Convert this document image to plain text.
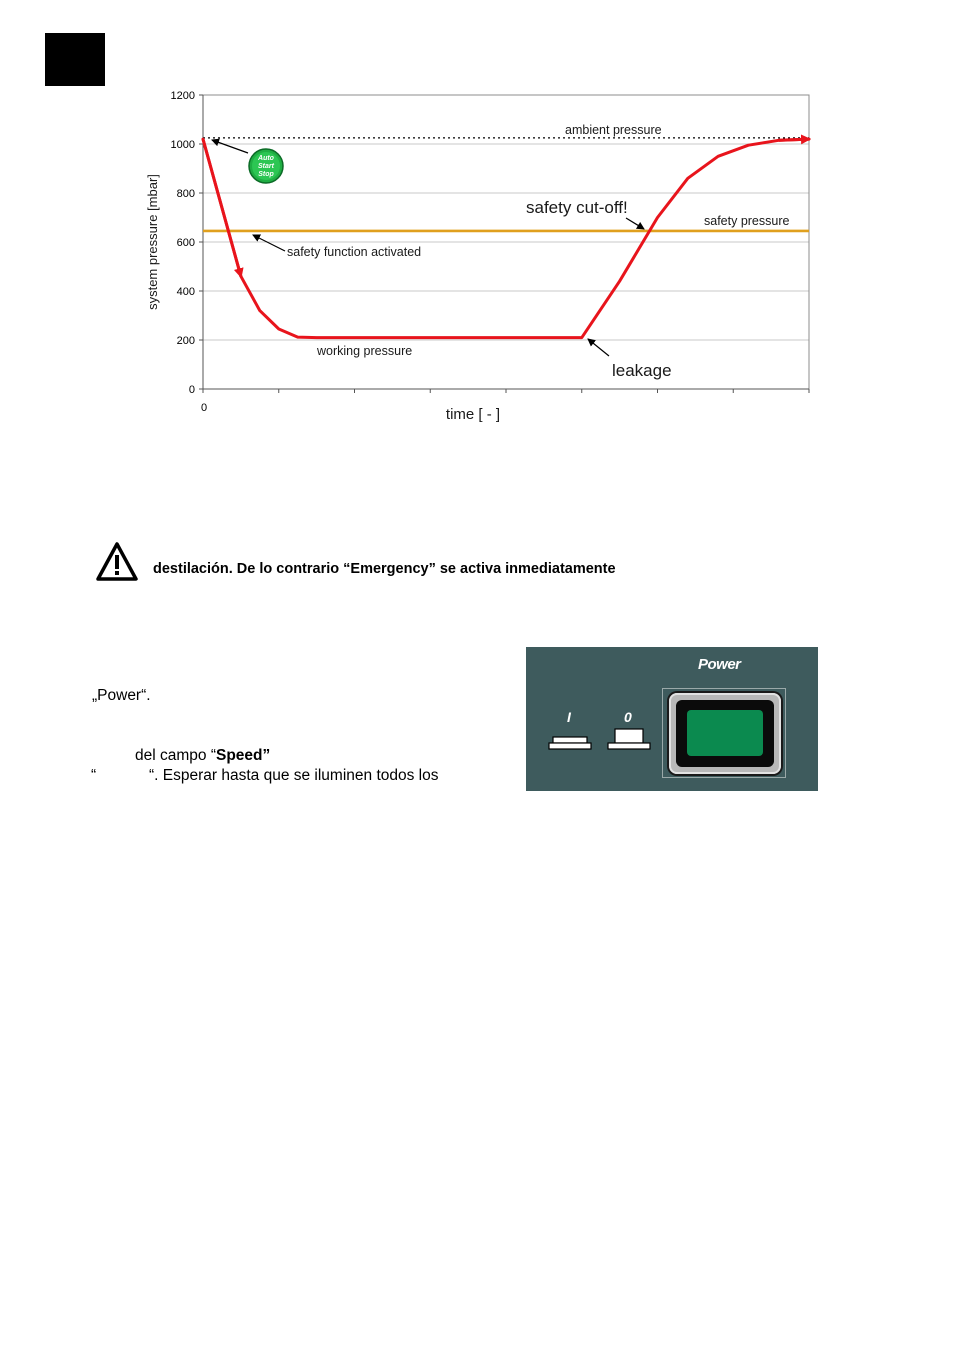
0
200
400
600
800
1000
1200
0
system pressure [mbar]
time [ - ]
ambient pressure
safety pressure
safety function activated
working pressure
safety cut-off!
leakage
Auto
Start
Stop
destilación. De lo contrario “Emergency” se activa inmediatamente
„Power“.
del campo “Speed”
“	“. Esperar hasta que se iluminen todos los
Power
I	0
